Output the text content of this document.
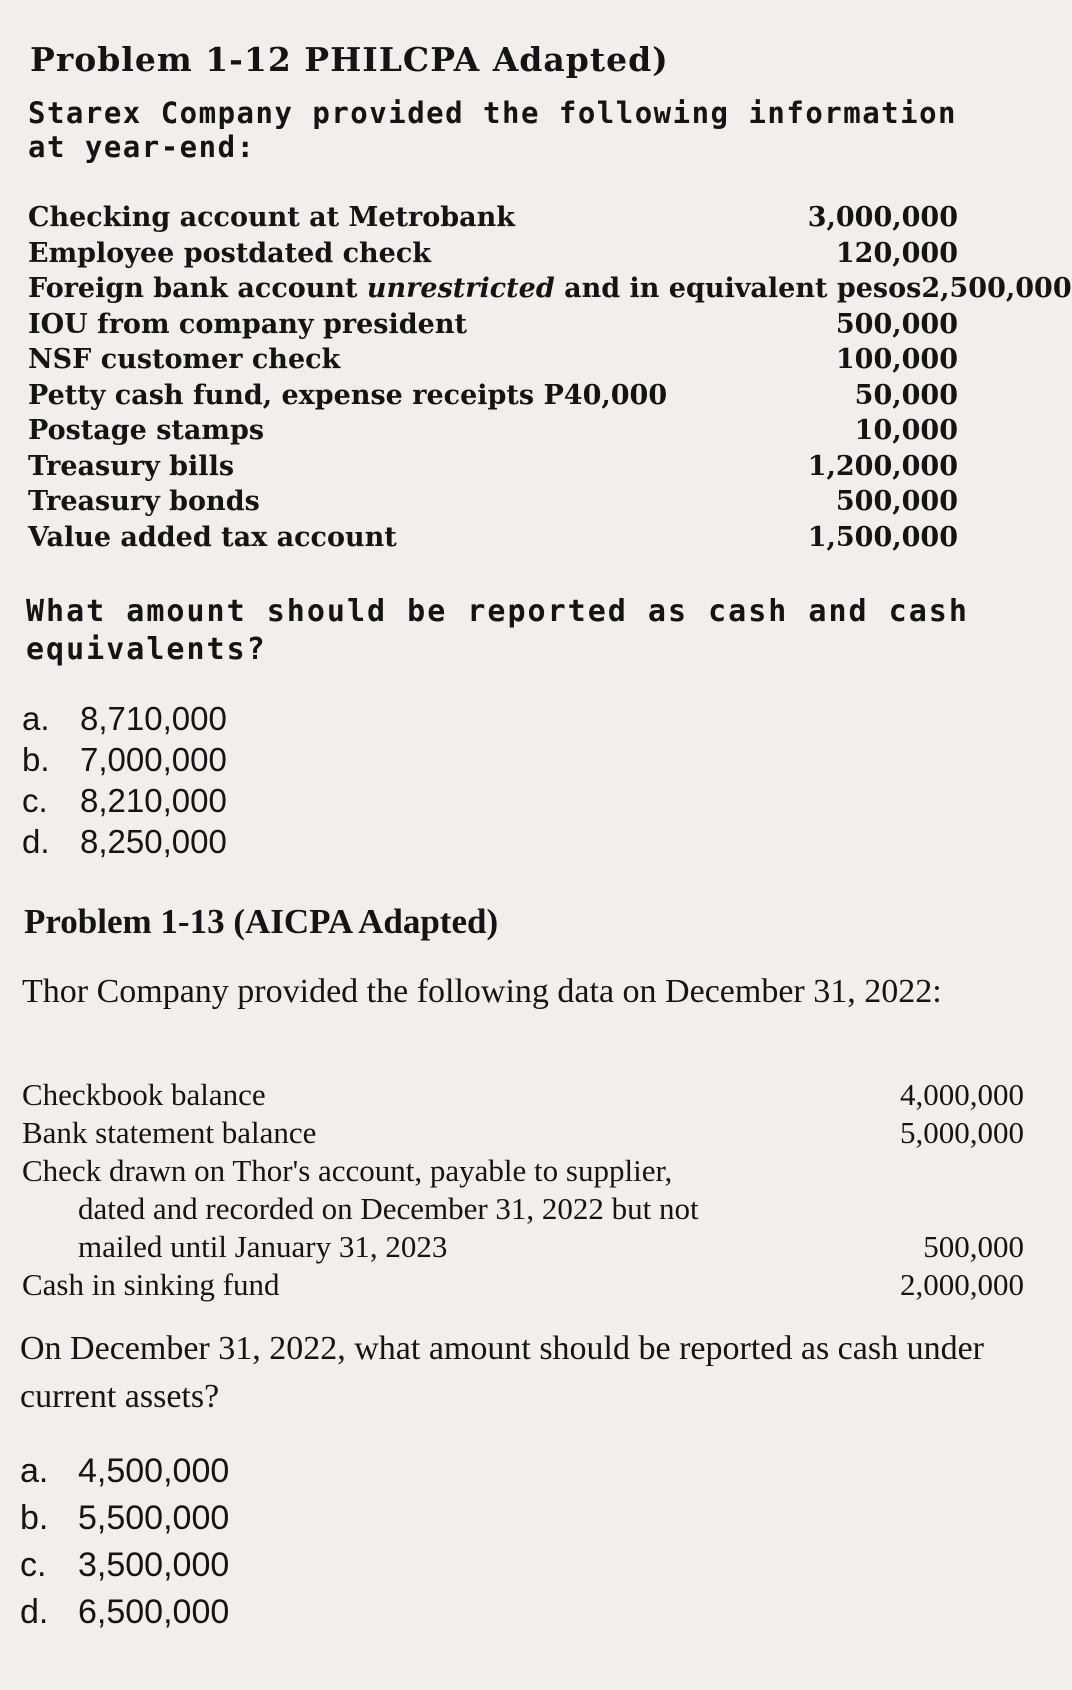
Problem 1-12 PHILCPA Adapted)
Starex Company provided the following information at year-end:
Checking account at Metrobank	3,000,000
Employee postdated check	120,000
Foreign bank account unrestricted and in equivalent pesos 2,500,000
IOU from company president	500,000
NSF customer check	100,000
Petty cash fund, expense receipts P40,000	50,000
Postage stamps	10,000
Treasury bills	1,200,000
Treasury bonds	500,000
Value added tax account	1,500,000
What amount should be reported as cash and cash equivalents?
a. 8,710,000
b. 7,000,000
c. 8,210,000
d. 8,250,000
Problem 1-13 (AICPA Adapted)
Thor Company provided the following data on December 31, 2022:
Checkbook balance	4,000,000
Bank statement balance	5,000,000
Check drawn on Thor's account, payable to supplier,
dated and recorded on December 31, 2022 but not
mailed until January 31, 2023	500,000
Cash in sinking fund	2,000,000
On December 31, 2022, what amount should be reported as cash under current assets?
a. 4,500,000
b. 5,500,000
c. 3,500,000
d. 6,500,000
